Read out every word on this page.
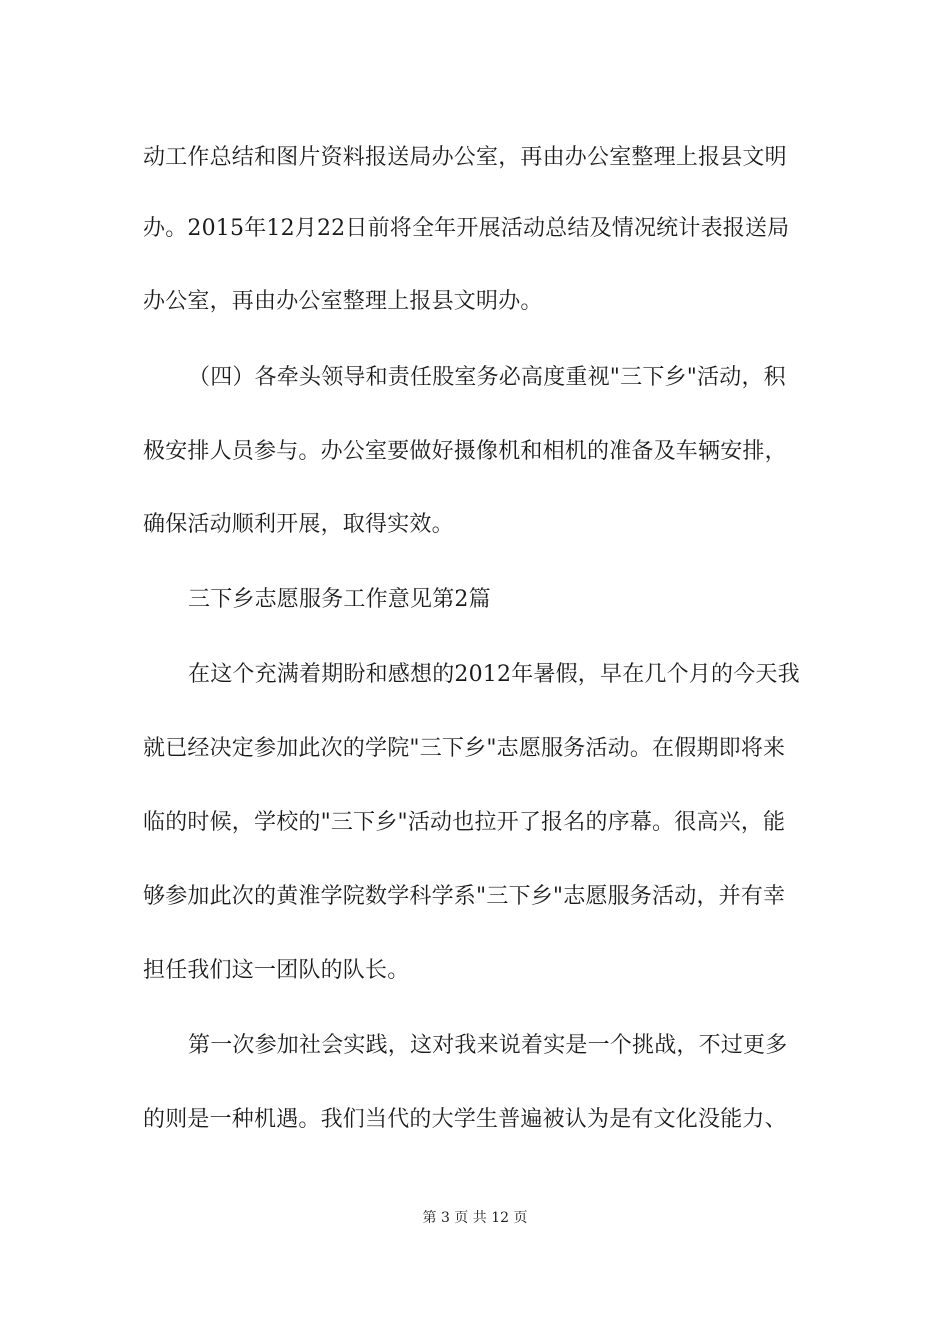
动工作总结和图片资料报送局办公室，再由办公室整理上报县文明
办。2015年12月22日前将全年开展活动总结及情况统计表报送局
办公室，再由办公室整理上报县文明办。
（四）各牵头领导和责任股室务必高度重视"三下乡"活动，积
极安排人员参与。办公室要做好摄像机和相机的准备及车辆安排，
确保活动顺利开展，取得实效。
三下乡志愿服务工作意见第2篇
在这个充满着期盼和感想的2012年暑假，早在几个月的今天我
就已经决定参加此次的学院"三下乡"志愿服务活动。在假期即将来
临的时候，学校的"三下乡"活动也拉开了报名的序幕。很高兴，能
够参加此次的黄淮学院数学科学系"三下乡"志愿服务活动，并有幸
担任我们这一团队的队长。
第一次参加社会实践，这对我来说着实是一个挑战，不过更多
的则是一种机遇。我们当代的大学生普遍被认为是有文化没能力、
第 3 页 共 12 页
